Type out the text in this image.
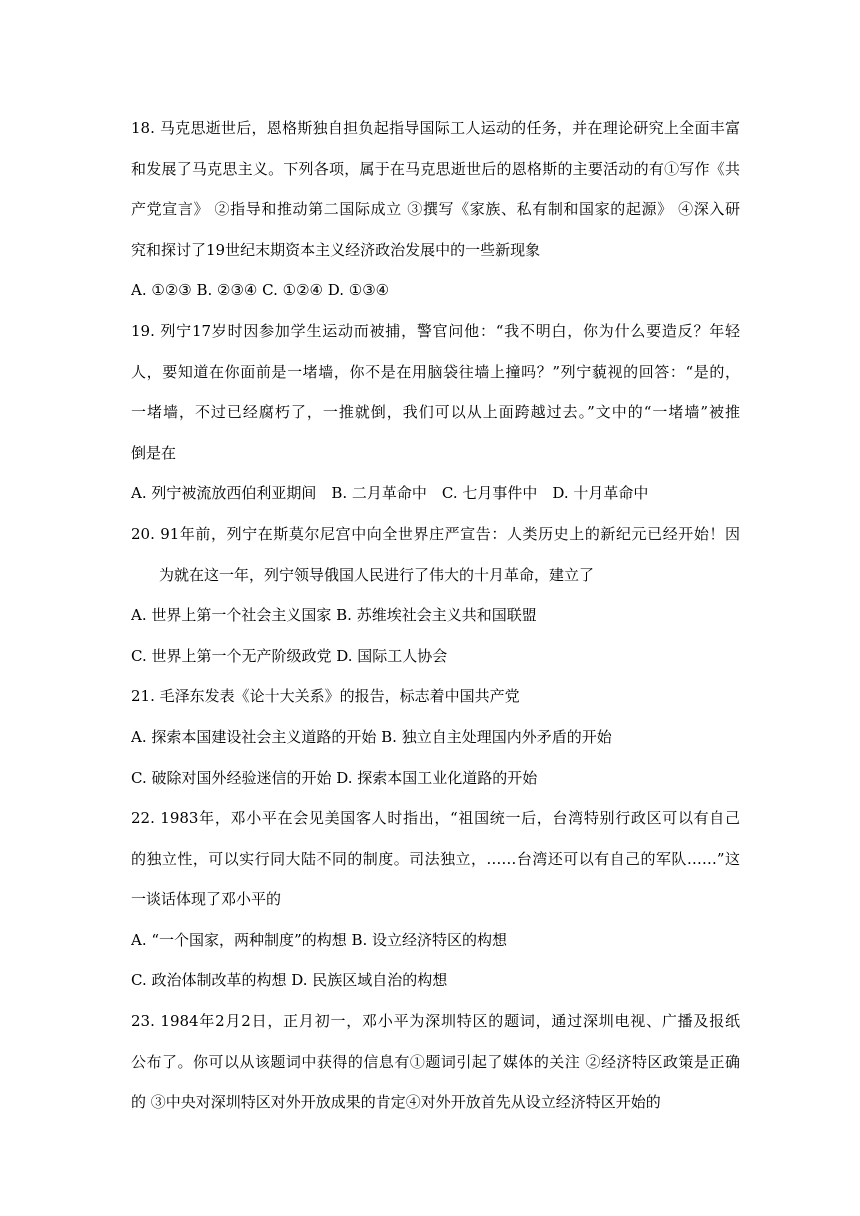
18. 马克思逝世后，恩格斯独自担负起指导国际工人运动的任务，并在理论研究上全面丰富
和发展了马克思主义。下列各项，属于在马克思逝世后的恩格斯的主要活动的有①写作《共
产党宣言》 ②指导和推动第二国际成立 ③撰写《家族、私有制和国家的起源》 ④深入研
究和探讨了19世纪末期资本主义经济政治发展中的一些新现象
A. ①②③ B. ②③④ C. ①②④ D. ①③④
19. 列宁17岁时因参加学生运动而被捕，警官问他：“我不明白，你为什么要造反？年轻
人，要知道在你面前是一堵墙，你不是在用脑袋往墙上撞吗？”列宁藐视的回答：“是的，
一堵墙，不过已经腐朽了，一推就倒，我们可以从上面跨越过去。”文中的“一堵墙”被推
倒是在
A. 列宁被流放西伯利亚期间　B. 二月革命中　C. 七月事件中　D. 十月革命中
20. 91年前，列宁在斯莫尔尼宫中向全世界庄严宣告：人类历史上的新纪元已经开始！因
为就在这一年，列宁领导俄国人民进行了伟大的十月革命，建立了
A. 世界上第一个社会主义国家 B. 苏维埃社会主义共和国联盟
C. 世界上第一个无产阶级政党 D. 国际工人协会
21. 毛泽东发表《论十大关系》的报告，标志着中国共产党
A. 探索本国建设社会主义道路的开始 B. 独立自主处理国内外矛盾的开始
C. 破除对国外经验迷信的开始 D. 探索本国工业化道路的开始
22. 1983年，邓小平在会见美国客人时指出，“祖国统一后，台湾特别行政区可以有自己
的独立性，可以实行同大陆不同的制度。司法独立，……台湾还可以有自己的军队……”这
一谈话体现了邓小平的
A. “一个国家，两种制度”的构想 B. 设立经济特区的构想
C. 政治体制改革的构想 D. 民族区域自治的构想
23. 1984年2月2日，正月初一，邓小平为深圳特区的题词，通过深圳电视、广播及报纸
公布了。你可以从该题词中获得的信息有①题词引起了媒体的关注 ②经济特区政策是正确
的 ③中央对深圳特区对外开放成果的肯定④对外开放首先从设立经济特区开始的
